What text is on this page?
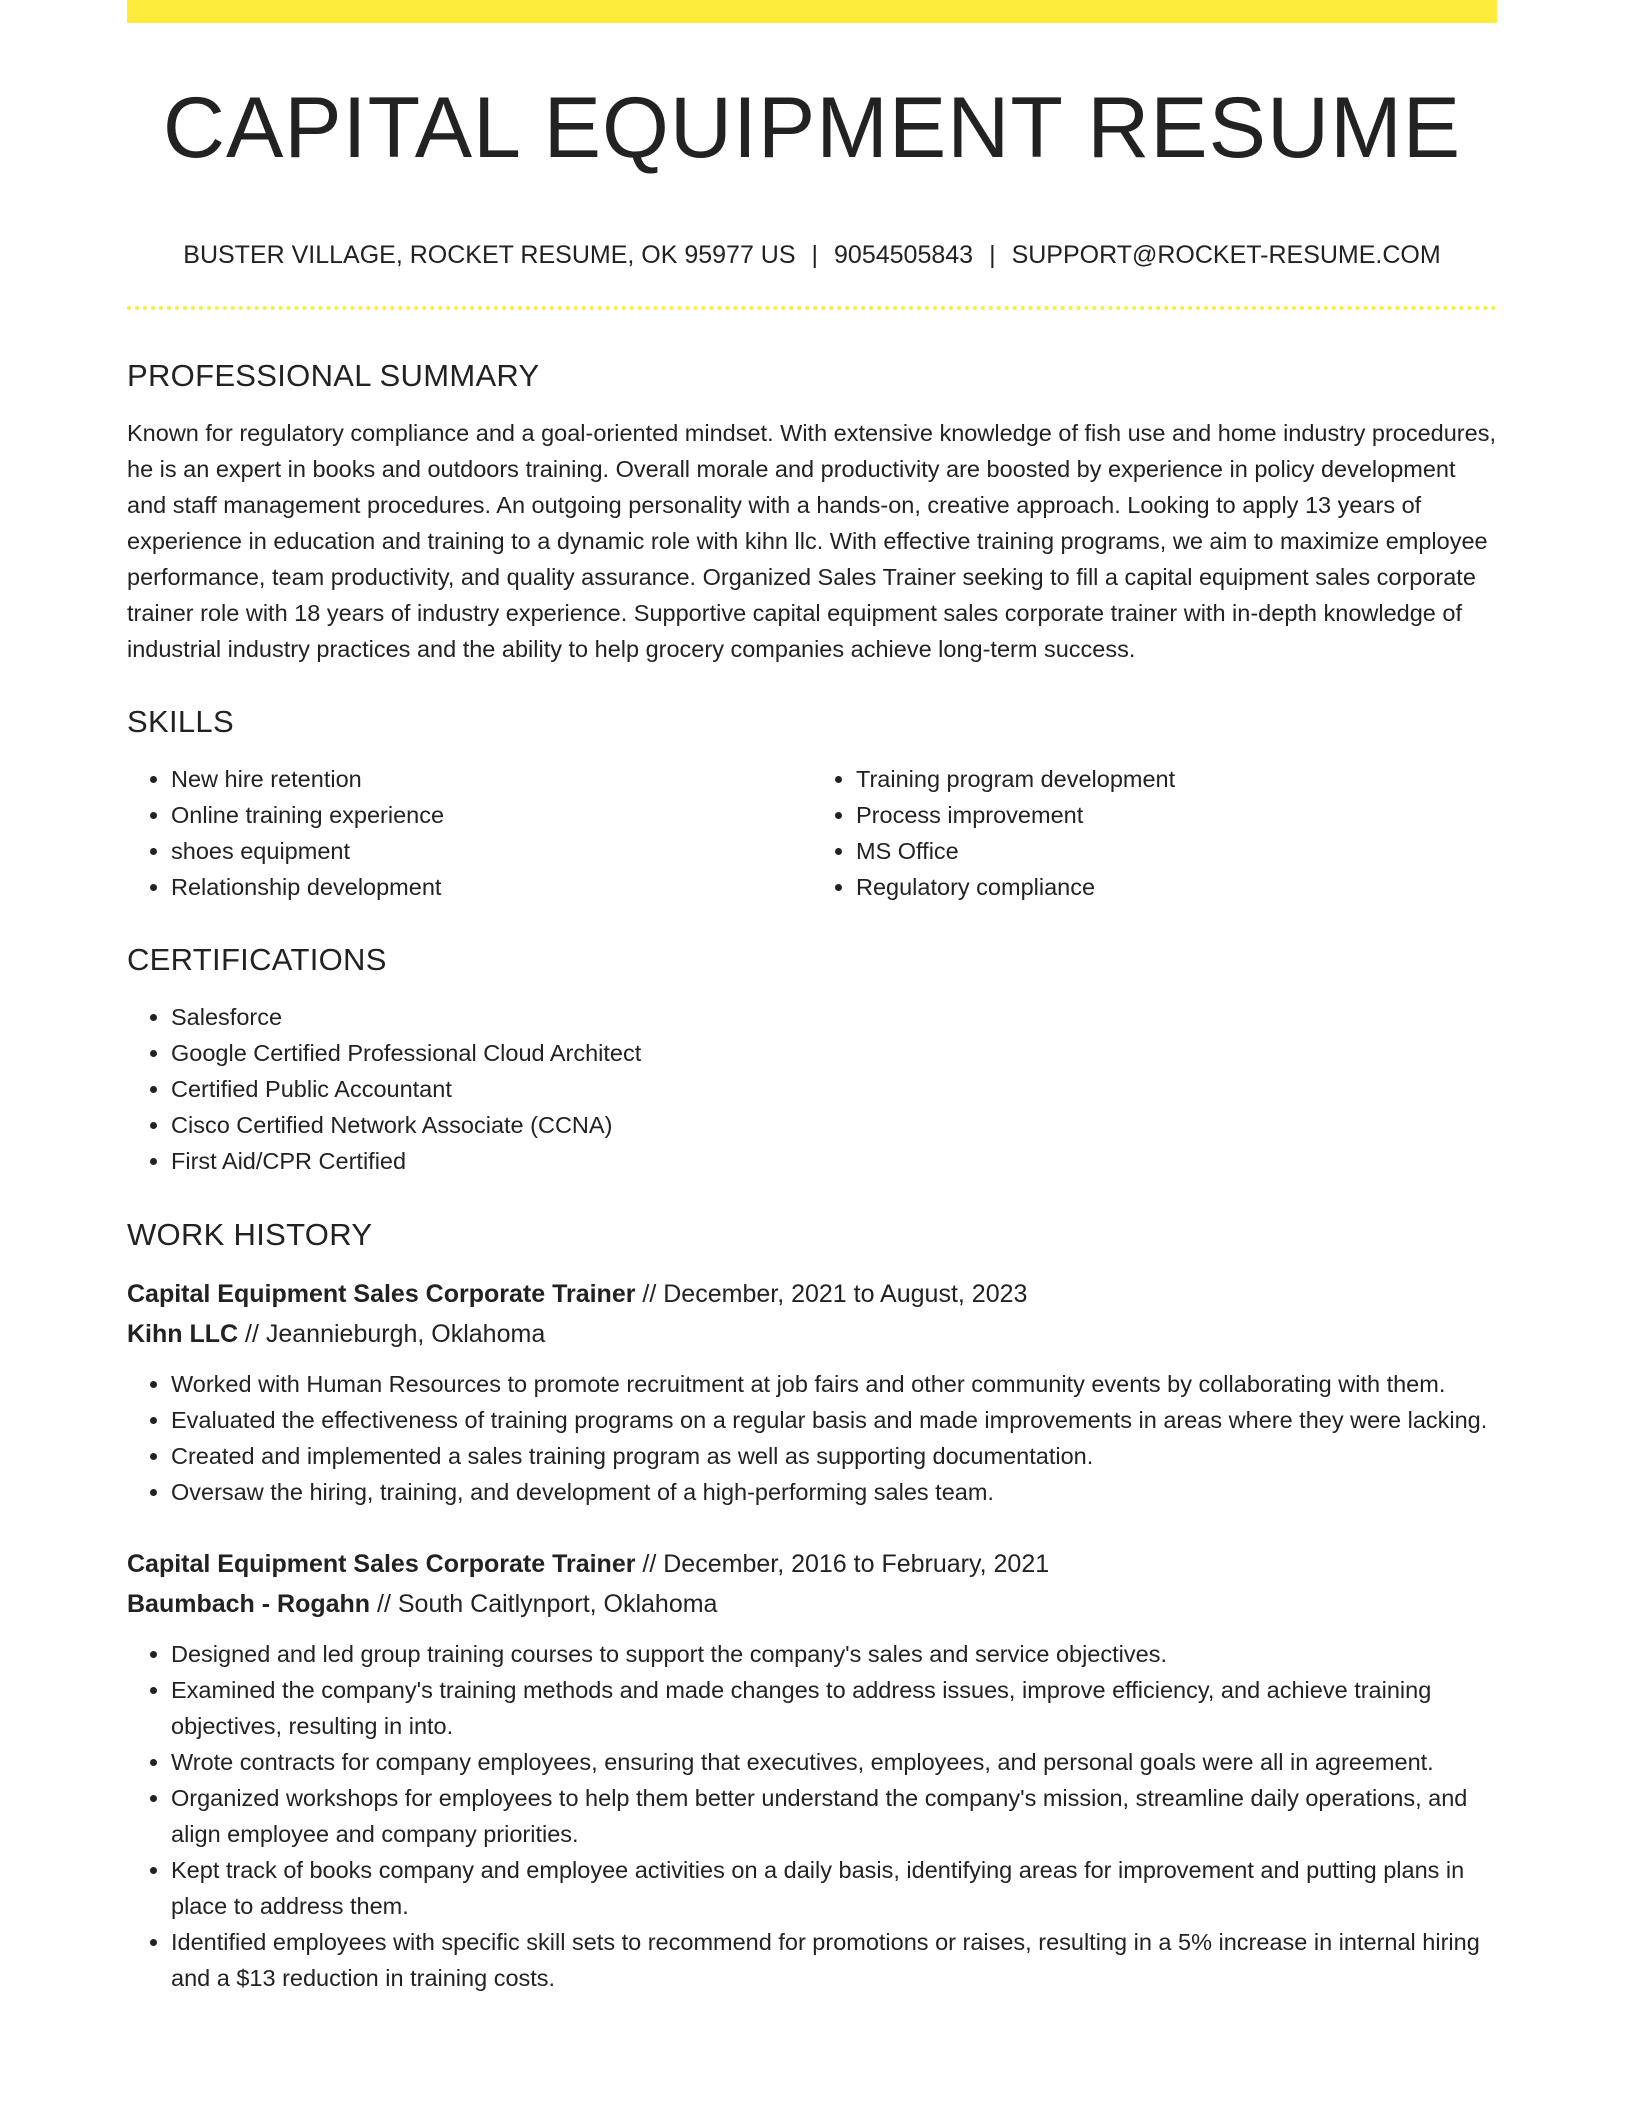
CAPITAL EQUIPMENT RESUME
BUSTER VILLAGE, ROCKET RESUME, OK 95977 US | 9054505843 | SUPPORT@ROCKET-RESUME.COM
PROFESSIONAL SUMMARY

Known for regulatory compliance and a goal-oriented mindset. With extensive knowledge of fish use and home industry procedures, he is an expert in books and outdoors training. Overall morale and productivity are boosted by experience in policy development and staff management procedures. An outgoing personality with a hands-on, creative approach. Looking to apply 13 years of experience in education and training to a dynamic role with kihn llc. With effective training programs, we aim to maximize employee performance, team productivity, and quality assurance. Organized Sales Trainer seeking to fill a capital equipment sales corporate trainer role with 18 years of industry experience. Supportive capital equipment sales corporate trainer with in-depth knowledge of industrial industry practices and the ability to help grocery companies achieve long-term success.

SKILLS
• New hire retention
• Online training experience
• shoes equipment
• Relationship development
• Training program development
• Process improvement
• MS Office
• Regulatory compliance
CERTIFICATIONS
• Salesforce
• Google Certified Professional Cloud Architect
• Certified Public Accountant
• Cisco Certified Network Associate (CCNA)
• First Aid/CPR Certified
WORK HISTORY
Capital Equipment Sales Corporate Trainer // December, 2021 to August, 2023
Kihn LLC // Jeannieburgh, Oklahoma
• Worked with Human Resources to promote recruitment at job fairs and other community events by collaborating with them.
• Evaluated the effectiveness of training programs on a regular basis and made improvements in areas where they were lacking.
• Created and implemented a sales training program as well as supporting documentation.
• Oversaw the hiring, training, and development of a high-performing sales team.
Capital Equipment Sales Corporate Trainer // December, 2016 to February, 2021
Baumbach - Rogahn // South Caitlynport, Oklahoma
• Designed and led group training courses to support the company's sales and service objectives.
• Examined the company's training methods and made changes to address issues, improve efficiency, and achieve training objectives, resulting in into.
• Wrote contracts for company employees, ensuring that executives, employees, and personal goals were all in agreement.
• Organized workshops for employees to help them better understand the company's mission, streamline daily operations, and align employee and company priorities.
• Kept track of books company and employee activities on a daily basis, identifying areas for improvement and putting plans in place to address them.
• Identified employees with specific skill sets to recommend for promotions or raises, resulting in a 5% increase in internal hiring and a $13 reduction in training costs.
